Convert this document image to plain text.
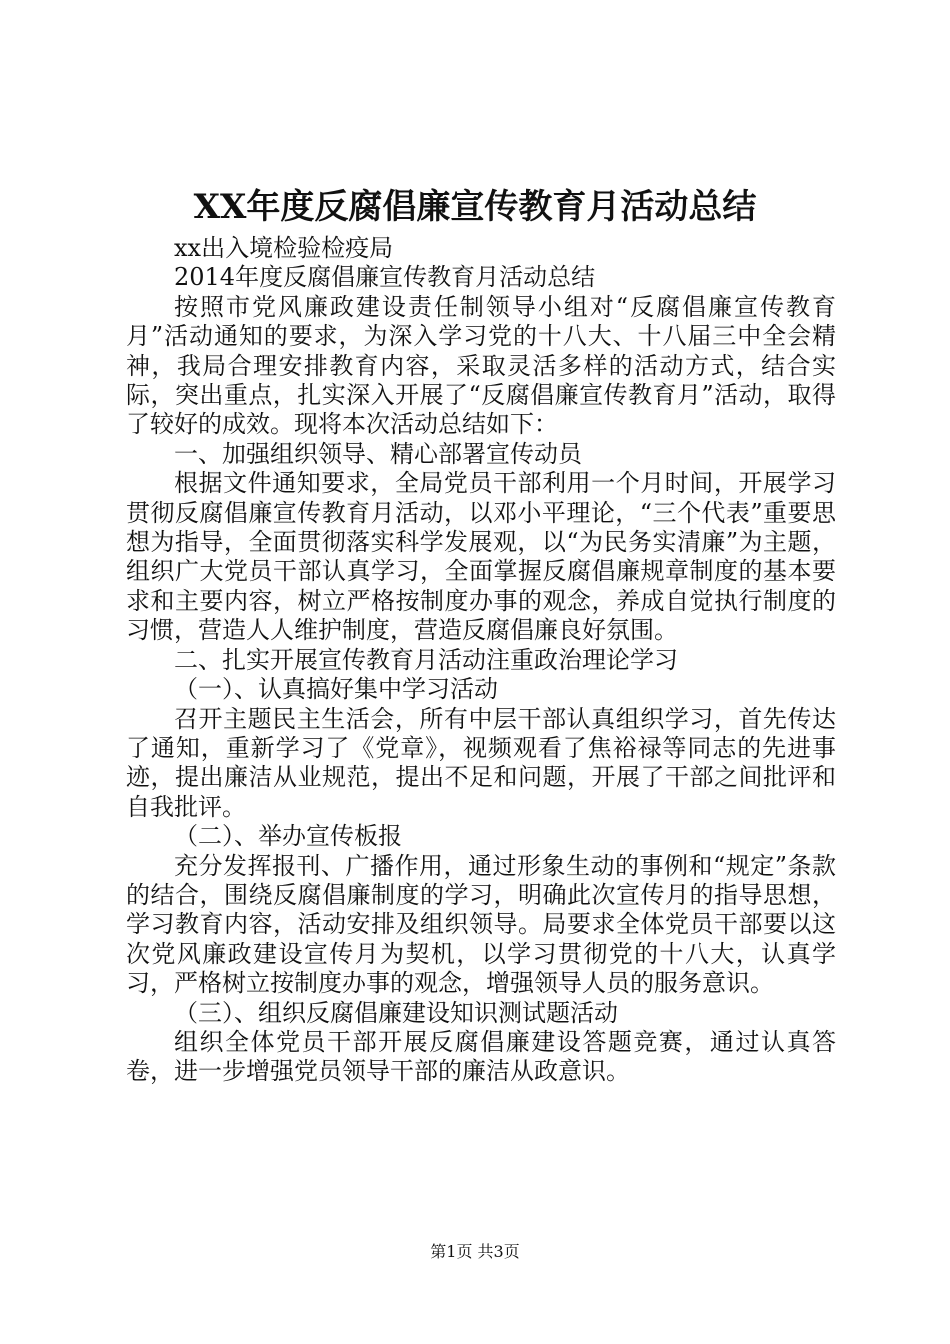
XX年度反腐倡廉宣传教育月活动总结

xx出入境检验检疫局

2014年度反腐倡廉宣传教育月活动总结

按照市党风廉政建设责任制领导小组对“反腐倡廉宣传教育月”活动通知的要求，为深入学习党的十八大、十八届三中全会精神，我局合理安排教育内容，采取灵活多样的活动方式，结合实际，突出重点，扎实深入开展了“反腐倡廉宣传教育月”活动，取得了较好的成效。现将本次活动总结如下：

一、加强组织领导、精心部署宣传动员

根据文件通知要求，全局党员干部利用一个月时间，开展学习贯彻反腐倡廉宣传教育月活动，以邓小平理论，“三个代表”重要思想为指导，全面贯彻落实科学发展观，以“为民务实清廉”为主题，组织广大党员干部认真学习，全面掌握反腐倡廉规章制度的基本要求和主要内容，树立严格按制度办事的观念，养成自觉执行制度的习惯，营造人人维护制度，营造反腐倡廉良好氛围。

二、扎实开展宣传教育月活动注重政治理论学习

（一）、认真搞好集中学习活动

召开主题民主生活会，所有中层干部认真组织学习，首先传达了通知，重新学习了《党章》，视频观看了焦裕禄等同志的先进事迹，提出廉洁从业规范，提出不足和问题，开展了干部之间批评和自我批评。

（二）、举办宣传板报

充分发挥报刊、广播作用，通过形象生动的事例和“规定”条款的结合，围绕反腐倡廉制度的学习，明确此次宣传月的指导思想，学习教育内容，活动安排及组织领导。局要求全体党员干部要以这次党风廉政建设宣传月为契机，以学习贯彻党的十八大，认真学习，严格树立按制度办事的观念，增强领导人员的服务意识。

（三）、组织反腐倡廉建设知识测试题活动

组织全体党员干部开展反腐倡廉建设答题竞赛，通过认真答卷，进一步增强党员领导干部的廉洁从政意识。

第1页 共3页
